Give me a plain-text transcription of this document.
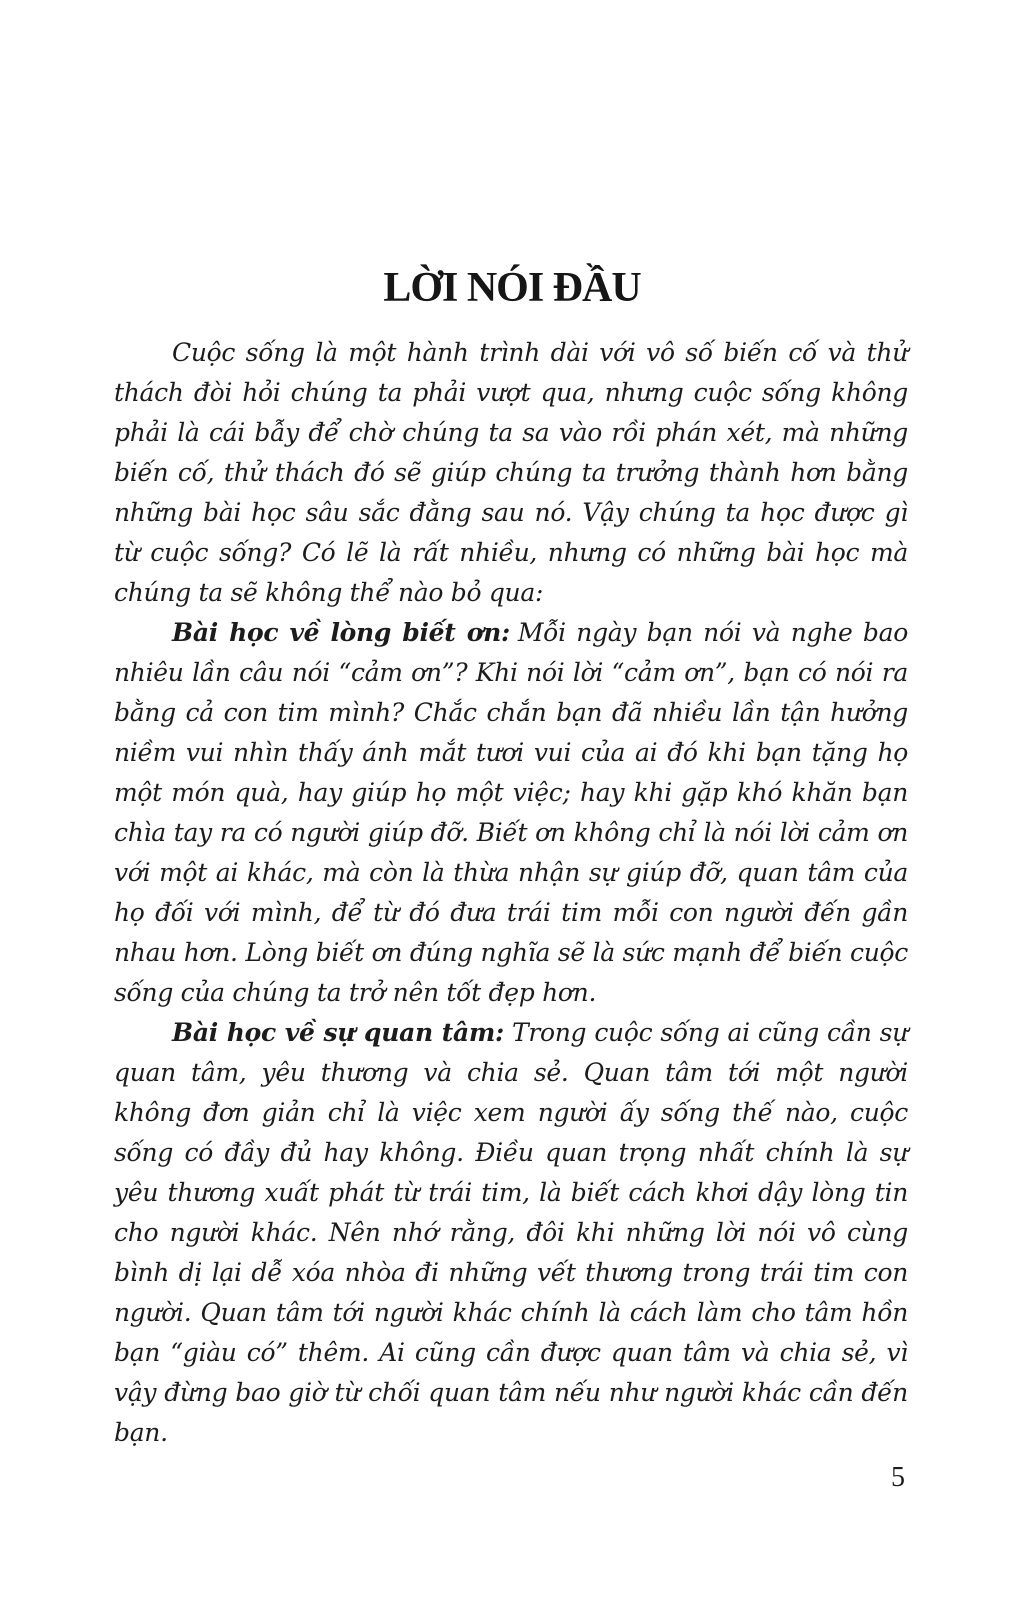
LỜI NÓI ĐẦU

Cuộc sống là một hành trình dài với vô số biến cố và thử thách đòi hỏi chúng ta phải vượt qua, nhưng cuộc sống không phải là cái bẫy để chờ chúng ta sa vào rồi phán xét, mà những biến cố, thử thách đó sẽ giúp chúng ta trưởng thành hơn bằng những bài học sâu sắc đằng sau nó. Vậy chúng ta học được gì từ cuộc sống? Có lẽ là rất nhiều, nhưng có những bài học mà chúng ta sẽ không thể nào bỏ qua:

Bài học về lòng biết ơn: Mỗi ngày bạn nói và nghe bao nhiêu lần câu nói “cảm ơn”? Khi nói lời “cảm ơn”, bạn có nói ra bằng cả con tim mình? Chắc chắn bạn đã nhiều lần tận hưởng niềm vui nhìn thấy ánh mắt tươi vui của ai đó khi bạn tặng họ một món quà, hay giúp họ một việc; hay khi gặp khó khăn bạn chìa tay ra có người giúp đỡ. Biết ơn không chỉ là nói lời cảm ơn với một ai khác, mà còn là thừa nhận sự giúp đỡ, quan tâm của họ đối với mình, để từ đó đưa trái tim mỗi con người đến gần nhau hơn. Lòng biết ơn đúng nghĩa sẽ là sức mạnh để biến cuộc sống của chúng ta trở nên tốt đẹp hơn.

Bài học về sự quan tâm: Trong cuộc sống ai cũng cần sự quan tâm, yêu thương và chia sẻ. Quan tâm tới một người không đơn giản chỉ là việc xem người ấy sống thế nào, cuộc sống có đầy đủ hay không. Điều quan trọng nhất chính là sự yêu thương xuất phát từ trái tim, là biết cách khơi dậy lòng tin cho người khác. Nên nhớ rằng, đôi khi những lời nói vô cùng bình dị lại dễ xóa nhòa đi những vết thương trong trái tim con người. Quan tâm tới người khác chính là cách làm cho tâm hồn bạn “giàu có” thêm. Ai cũng cần được quan tâm và chia sẻ, vì vậy đừng bao giờ từ chối quan tâm nếu như người khác cần đến bạn.

5
